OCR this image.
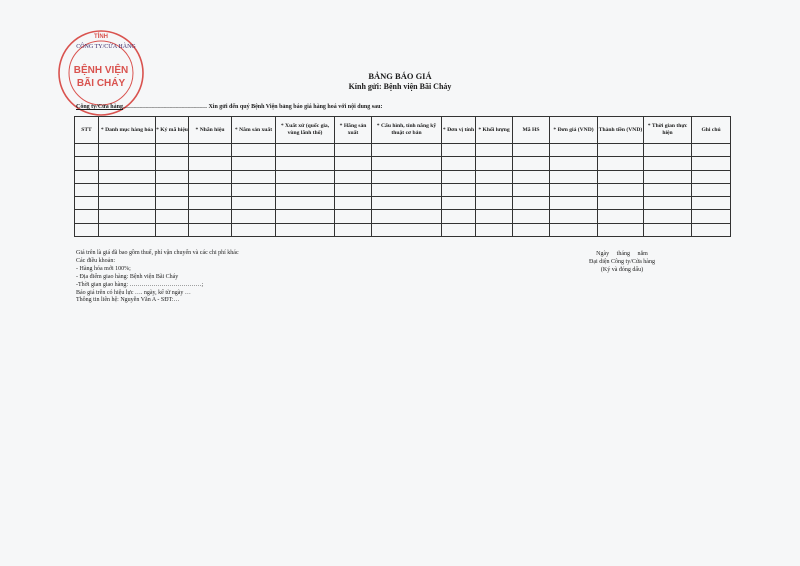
TỈNH
CÔNG TY/CỬA HÀNG
BỆNH VIỆN
BÃI CHÁY
BẢNG BÁO GIÁ
Kính gửi: Bệnh viện Bãi Cháy
Công ty/Cửa hàng…………………………………… Xin gửi đến quý Bệnh Viện bảng báo giá hàng hoá với nội dung sau:
STT	* Danh mục hàng hóa	* Ký mã hiệu	* Nhãn hiệu	* Năm sản xuất	* Xuất xứ (quốc gia, vùng lãnh thổ)	* Hãng sản xuất	* Cấu hình, tính năng kỹ thuật cơ bản	* Đơn vị tính	* Khối lượng	Mã HS	* Đơn giá (VND)	Thành tiền (VND)	* Thời gian thực hiện	Ghi chú

Giá trên là giá đã bao gồm thuế, phí vận chuyển và các chi phí khác
Các điều khoản:
- Hàng hóa mới 100%;
- Địa điểm giao hàng: Bệnh viện Bãi Cháy
-Thời gian giao hàng: ………………………………;
Báo giá trên có hiệu lực …. ngày, kể từ ngày …
Thông tin liên hệ: Nguyễn Văn A - SĐT:…
Ngày     tháng     năm
Đại diện Công ty/Cửa hàng
(Ký và đóng dấu)
